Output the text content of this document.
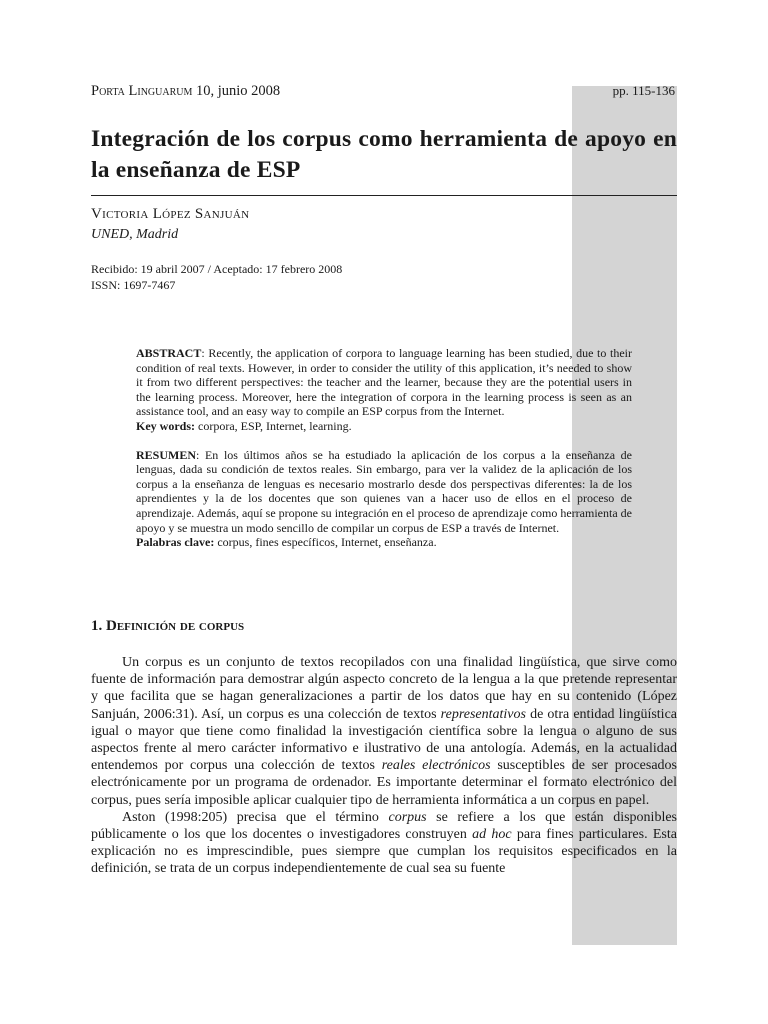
Porta Linguarum 10, junio 2008	pp. 115-136
Integración de los corpus como herramienta de apoyo en la enseñanza de ESP
Victoria López Sanjuán
UNED, Madrid
Recibido: 19 abril 2007 / Aceptado: 17 febrero 2008
ISSN: 1697-7467

ABSTRACT: Recently, the application of corpora to language learning has been studied, due to their condition of real texts. However, in order to consider the utility of this application, it’s needed to show it from two different perspectives: the teacher and the learner, because they are the potential users in the learning process. Moreover, here the integration of corpora in the learning process is seen as an assistance tool, and an easy way to compile an ESP corpus from the Internet.

Key words: corpora, ESP, Internet, learning.

RESUMEN: En los últimos años se ha estudiado la aplicación de los corpus a la enseñanza de lenguas, dada su condición de textos reales. Sin embargo, para ver la validez de la aplicación de los corpus a la enseñanza de lenguas es necesario mostrarlo desde dos perspectivas diferentes: la de los aprendientes y la de los docentes que son quienes van a hacer uso de ellos en el proceso de aprendizaje. Además, aquí se propone su integración en el proceso de aprendizaje como herramienta de apoyo y se muestra un modo sencillo de compilar un corpus de ESP a través de Internet.

Palabras clave: corpus, fines específicos, Internet, enseñanza.

1. Definición de corpus

Un corpus es un conjunto de textos recopilados con una finalidad lingüística, que sirve como fuente de información para demostrar algún aspecto concreto de la lengua a la que pretende representar y que facilita que se hagan generalizaciones a partir de los datos que hay en su contenido (López Sanjuán, 2006:31). Así, un corpus es una colección de textos representativos de otra entidad lingüística igual o mayor que tiene como finalidad la investigación científica sobre la lengua o alguno de sus aspectos frente al mero carácter informativo e ilustrativo de una antología. Además, en la actualidad entendemos por corpus una colección de textos reales electrónicos susceptibles de ser procesados electrónicamente por un programa de ordenador. Es importante determinar el formato electrónico del corpus, pues sería imposible aplicar cualquier tipo de herramienta informática a un corpus en papel.

Aston (1998:205) precisa que el término corpus se refiere a los que están disponibles públicamente o los que los docentes o investigadores construyen ad hoc para fines particulares. Esta explicación no es imprescindible, pues siempre que cumplan los requisitos especificados en la definición, se trata de un corpus independientemente de cual sea su fuente
